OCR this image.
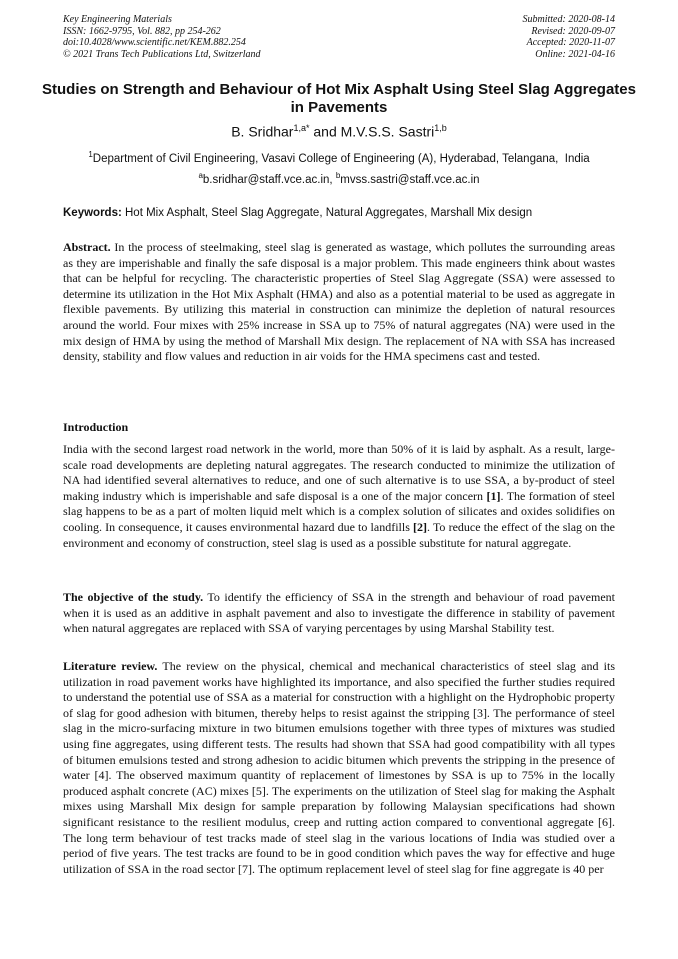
Key Engineering Materials
ISSN: 1662-9795, Vol. 882, pp 254-262
doi:10.4028/www.scientific.net/KEM.882.254
© 2021 Trans Tech Publications Ltd, Switzerland
Submitted: 2020-08-14
Revised: 2020-09-07
Accepted: 2020-11-07
Online: 2021-04-16
Studies on Strength and Behaviour of Hot Mix Asphalt Using Steel Slag Aggregates in Pavements
B. Sridhar$^{1,a*}$ and M.V.S.S. Sastri$^{1,b}$
$^1$Department of Civil Engineering, Vasavi College of Engineering (A), Hyderabad, Telangana,  India
$^a$b.sridhar@staff.vce.ac.in, $^b$mvss.sastri@staff.vce.ac.in
Keywords: Hot Mix Asphalt, Steel Slag Aggregate, Natural Aggregates, Marshall Mix design
Abstract. In the process of steelmaking, steel slag is generated as wastage, which pollutes the surrounding areas as they are imperishable and finally the safe disposal is a major problem. This made engineers think about wastes that can be helpful for recycling. The characteristic properties of Steel Slag Aggregate (SSA) were assessed to determine its utilization in the Hot Mix Asphalt (HMA) and also as a potential material to be used as aggregate in flexible pavements. By utilizing this material in construction can minimize the depletion of natural resources around the world. Four mixes with 25% increase in SSA up to 75% of natural aggregates (NA) were used in the mix design of HMA by using the method of Marshall Mix design. The replacement of NA with SSA has increased density, stability and flow values and reduction in air voids for the HMA specimens cast and tested.
Introduction
India with the second largest road network in the world, more than 50% of it is laid by asphalt. As a result, large-scale road developments are depleting natural aggregates. The research conducted to minimize the utilization of NA had identified several alternatives to reduce, and one of such alternative is to use SSA, a by-product of steel making industry which is imperishable and safe disposal is a one of the major concern [1]. The formation of steel slag happens to be as a part of molten liquid melt which is a complex solution of silicates and oxides solidifies on cooling. In consequence, it causes environmental hazard due to landfills [2]. To reduce the effect of the slag on the environment and economy of construction, steel slag is used as a possible substitute for natural aggregate.
The objective of the study. To identify the efficiency of SSA in the strength and behaviour of road pavement when it is used as an additive in asphalt pavement and also to investigate the difference in stability of pavement when natural aggregates are replaced with SSA of varying percentages by using Marshal Stability test.
Literature review. The review on the physical, chemical and mechanical characteristics of steel slag and its utilization in road pavement works have highlighted its importance, and also specified the further studies required to understand the potential use of SSA as a material for construction with a highlight on the Hydrophobic property of slag for good adhesion with bitumen, thereby helps to resist against the stripping [3]. The performance of steel slag in the micro-surfacing mixture in two bitumen emulsions together with three types of mixtures was studied using fine aggregates, using different tests. The results had shown that SSA had good compatibility with all types of bitumen emulsions tested and strong adhesion to acidic bitumen which prevents the stripping in the presence of water [4]. The observed maximum quantity of replacement of limestones by SSA is up to 75% in the locally produced asphalt concrete (AC) mixes [5]. The experiments on the utilization of Steel slag for making the Asphalt mixes using Marshall Mix design for sample preparation by following Malaysian specifications had shown significant resistance to the resilient modulus, creep and rutting action compared to conventional aggregate [6]. The long term behaviour of test tracks made of steel slag in the various locations of India was studied over a period of five years. The test tracks are found to be in good condition which paves the way for effective and huge utilization of SSA in the road sector [7]. The optimum replacement level of steel slag for fine aggregate is 40 per
